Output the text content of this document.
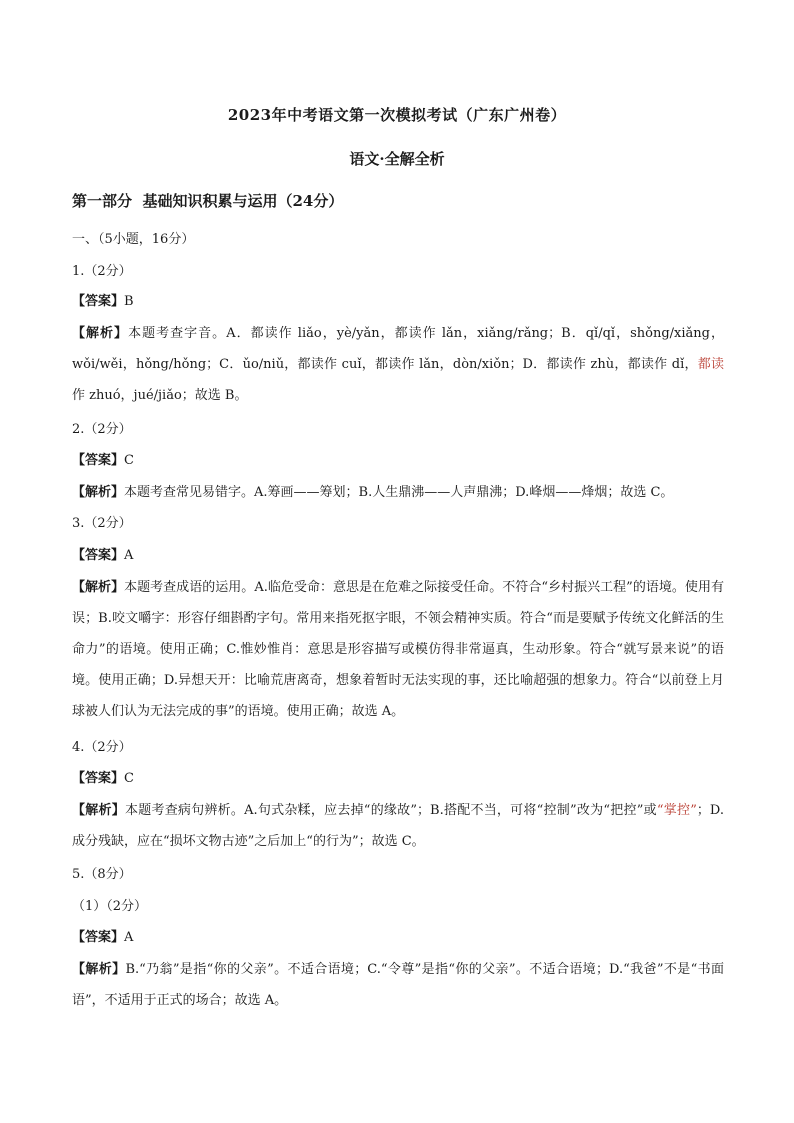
2023年中考语文第一次模拟考试（广东广州卷）
语文·全解全析
第一部分  基础知识积累与运用（24分）
一、（5小题，16分）
1.（2分）
【答案】B
【解析】本题考查字音。A．都读作 liǎo，yè/yǎn，都读作 lǎn，xiǎng/rǎng；B．qǐ/qǐ，shǒng/xiǎng，wǒi/wěi，hǒng/hǒng；C．ǔo/niǔ，都读作 cuǐ，都读作 lǎn，dòn/xiǒn；D．都读作 zhù，都读作 dǐ，都读作 zhuó，jué/jiǎo；故选 B。
2.（2分）
【答案】C
【解析】本题考查常见易错字。A.筹画——筹划；B.人生鼎沸——人声鼎沸；D.峰烟——烽烟；故选 C。
3.（2分）
【答案】A
【解析】本题考查成语的运用。A.临危受命：意思是在危难之际接受任命。不符合“乡村振兴工程”的语境。使用有误；B.咬文嚼字：形容仔细斟酌字句。常用来指死抠字眼，不领会精神实质。符合“而是要赋予传统文化鲜活的生命力”的语境。使用正确；C.惟妙惟肖：意思是形容描写或模仿得非常逼真，生动形象。符合“就写景来说”的语境。使用正确；D.异想天开：比喻荒唐离奇，想象着暂时无法实现的事，还比喻超强的想象力。符合“以前登上月球被人们认为无法完成的事”的语境。使用正确；故选 A。
4.（2分）
【答案】C
【解析】本题考查病句辨析。A.句式杂糅，应去掉“的缘故”；B.搭配不当，可将“控制”改为“把控”或“掌控”；D.成分残缺，应在“损坏文物古迹”之后加上“的行为”；故选 C。
5.（8分）
（1）（2分）
【答案】A
【解析】B.“乃翁”是指“你的父亲”。不适合语境；C.“令尊”是指“你的父亲”。不适合语境；D.“我爸”不是“书面语”，不适用于正式的场合；故选 A。
